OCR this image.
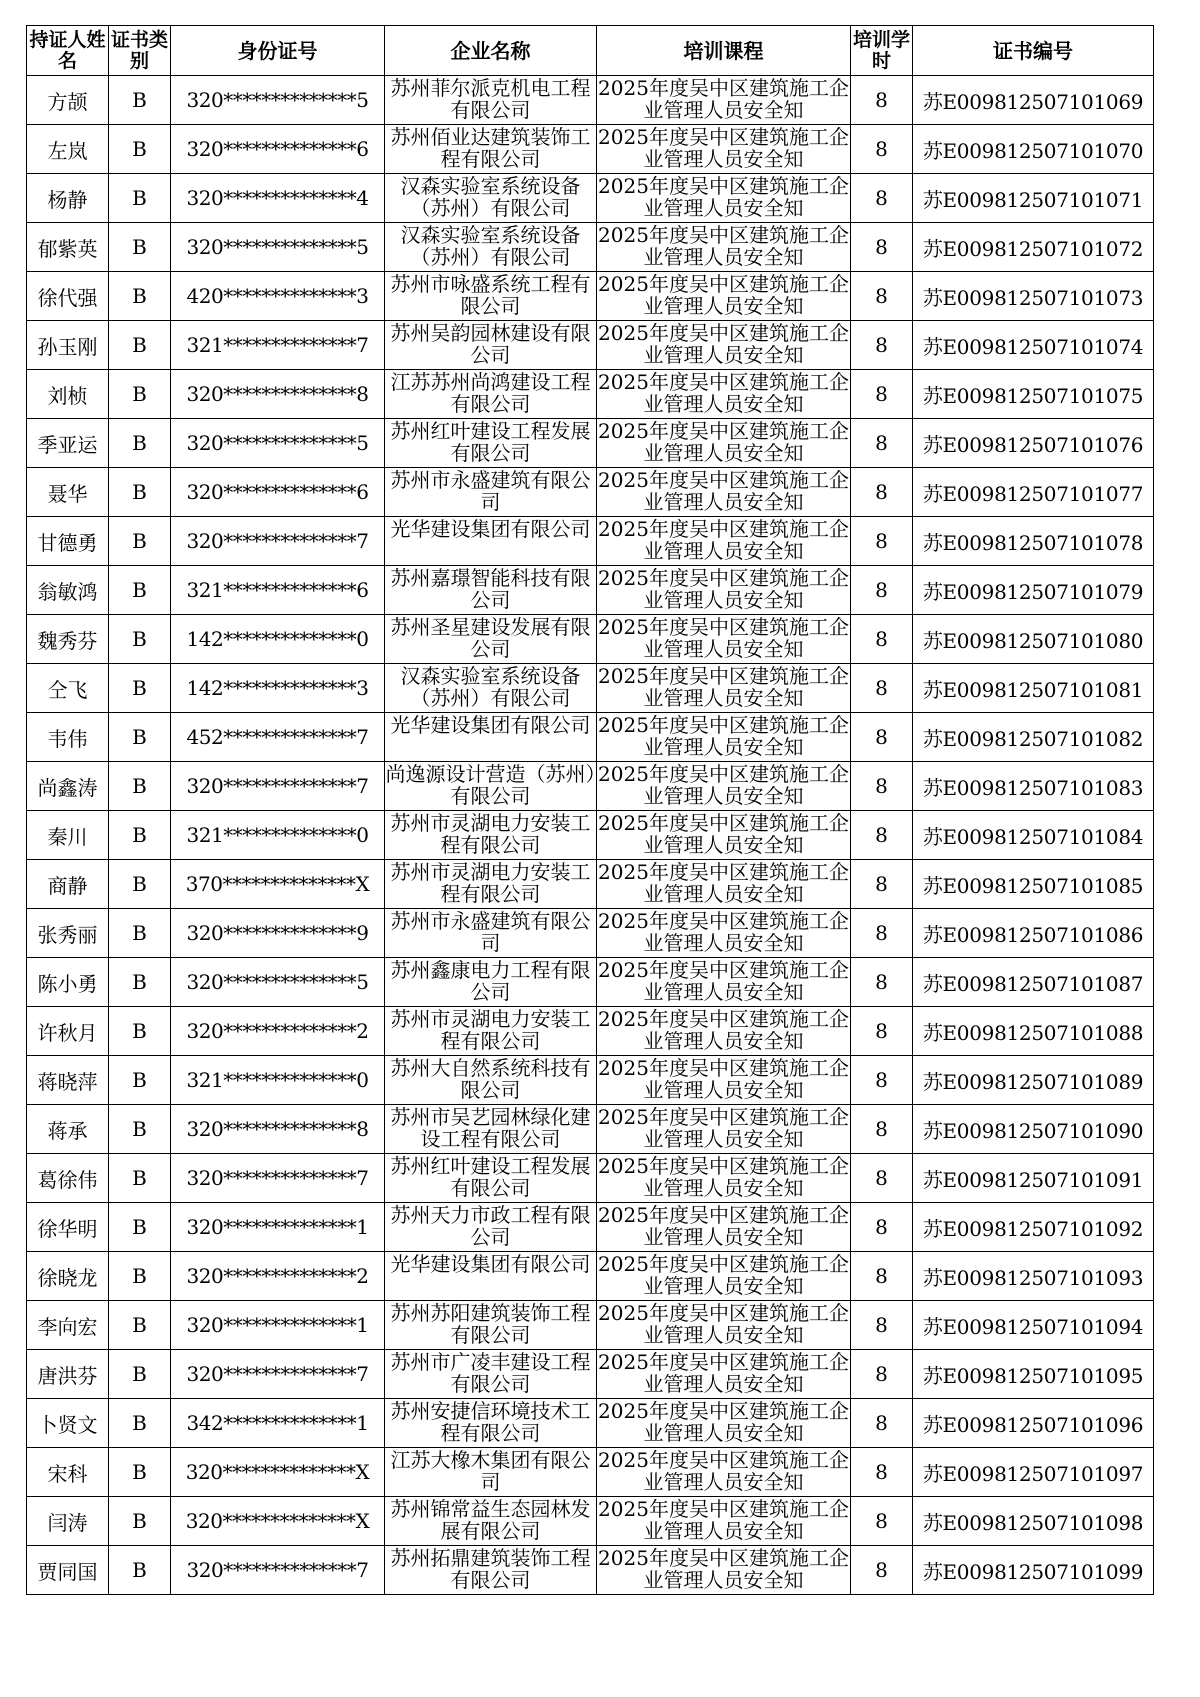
持证人姓名	证书类别	身份证号	企业名称	培训课程	培训学时	证书编号
方颉	B	320**************5	苏州菲尔派克机电工程有限公司	2025年度吴中区建筑施工企业管理人员安全知	8	苏E009812507101069
左岚	B	320**************6	苏州佰业达建筑装饰工程有限公司	2025年度吴中区建筑施工企业管理人员安全知	8	苏E009812507101070
杨静	B	320**************4	汉森实验室系统设备（苏州）有限公司	2025年度吴中区建筑施工企业管理人员安全知	8	苏E009812507101071
郁紫英	B	320**************5	汉森实验室系统设备（苏州）有限公司	2025年度吴中区建筑施工企业管理人员安全知	8	苏E009812507101072
徐代强	B	420**************3	苏州市咏盛系统工程有限公司	2025年度吴中区建筑施工企业管理人员安全知	8	苏E009812507101073
孙玉刚	B	321**************7	苏州吴韵园林建设有限公司	2025年度吴中区建筑施工企业管理人员安全知	8	苏E009812507101074
刘桢	B	320**************8	江苏苏州尚鸿建设工程有限公司	2025年度吴中区建筑施工企业管理人员安全知	8	苏E009812507101075
季亚运	B	320**************5	苏州红叶建设工程发展有限公司	2025年度吴中区建筑施工企业管理人员安全知	8	苏E009812507101076
聂华	B	320**************6	苏州市永盛建筑有限公司	2025年度吴中区建筑施工企业管理人员安全知	8	苏E009812507101077
甘德勇	B	320**************7	光华建设集团有限公司	2025年度吴中区建筑施工企业管理人员安全知	8	苏E009812507101078
翁敏鸿	B	321**************6	苏州嘉璟智能科技有限公司	2025年度吴中区建筑施工企业管理人员安全知	8	苏E009812507101079
魏秀芬	B	142**************0	苏州圣星建设发展有限公司	2025年度吴中区建筑施工企业管理人员安全知	8	苏E009812507101080
仝飞	B	142**************3	汉森实验室系统设备（苏州）有限公司	2025年度吴中区建筑施工企业管理人员安全知	8	苏E009812507101081
韦伟	B	452**************7	光华建设集团有限公司	2025年度吴中区建筑施工企业管理人员安全知	8	苏E009812507101082
尚鑫涛	B	320**************7	尚逸源设计营造（苏州）有限公司	2025年度吴中区建筑施工企业管理人员安全知	8	苏E009812507101083
秦川	B	321**************0	苏州市灵湖电力安装工程有限公司	2025年度吴中区建筑施工企业管理人员安全知	8	苏E009812507101084
商静	B	370**************X	苏州市灵湖电力安装工程有限公司	2025年度吴中区建筑施工企业管理人员安全知	8	苏E009812507101085
张秀丽	B	320**************9	苏州市永盛建筑有限公司	2025年度吴中区建筑施工企业管理人员安全知	8	苏E009812507101086
陈小勇	B	320**************5	苏州鑫康电力工程有限公司	2025年度吴中区建筑施工企业管理人员安全知	8	苏E009812507101087
许秋月	B	320**************2	苏州市灵湖电力安装工程有限公司	2025年度吴中区建筑施工企业管理人员安全知	8	苏E009812507101088
蒋晓萍	B	321**************0	苏州大自然系统科技有限公司	2025年度吴中区建筑施工企业管理人员安全知	8	苏E009812507101089
蒋承	B	320**************8	苏州市吴艺园林绿化建设工程有限公司	2025年度吴中区建筑施工企业管理人员安全知	8	苏E009812507101090
葛徐伟	B	320**************7	苏州红叶建设工程发展有限公司	2025年度吴中区建筑施工企业管理人员安全知	8	苏E009812507101091
徐华明	B	320**************1	苏州天力市政工程有限公司	2025年度吴中区建筑施工企业管理人员安全知	8	苏E009812507101092
徐晓龙	B	320**************2	光华建设集团有限公司	2025年度吴中区建筑施工企业管理人员安全知	8	苏E009812507101093
李向宏	B	320**************1	苏州苏阳建筑装饰工程有限公司	2025年度吴中区建筑施工企业管理人员安全知	8	苏E009812507101094
唐洪芬	B	320**************7	苏州市广凌丰建设工程有限公司	2025年度吴中区建筑施工企业管理人员安全知	8	苏E009812507101095
卜贤文	B	342**************1	苏州安捷信环境技术工程有限公司	2025年度吴中区建筑施工企业管理人员安全知	8	苏E009812507101096
宋科	B	320**************X	江苏大橡木集团有限公司	2025年度吴中区建筑施工企业管理人员安全知	8	苏E009812507101097
闫涛	B	320**************X	苏州锦常益生态园林发展有限公司	2025年度吴中区建筑施工企业管理人员安全知	8	苏E009812507101098
贾同国	B	320**************7	苏州拓鼎建筑装饰工程有限公司	2025年度吴中区建筑施工企业管理人员安全知	8	苏E009812507101099
